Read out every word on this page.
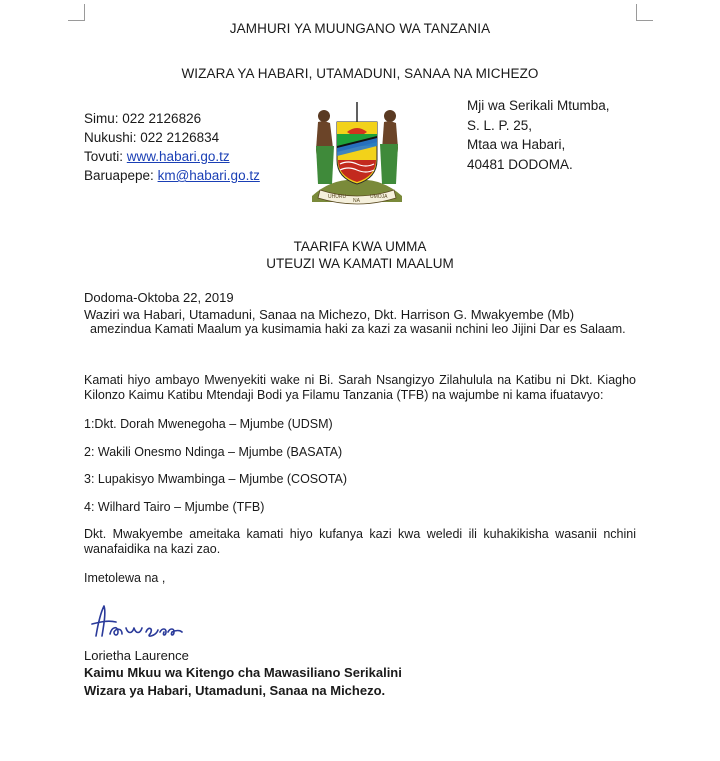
JAMHURI YA MUUNGANO WA TANZANIA
WIZARA YA HABARI, UTAMADUNI, SANAA NA MICHEZO
Simu: 022 2126826
Nukushi: 022 2126834
Tovuti: www.habari.go.tz
Baruapepe: km@habari.go.tz
UHURU
NA
UMOJA
Mji wa Serikali Mtumba,
S. L. P. 25,
Mtaa wa Habari,
40481 DODOMA.
TAARIFA KWA UMMA
UTEUZI WA KAMATI MAALUM
Dodoma-Oktoba 22, 2019
Waziri wa Habari, Utamaduni, Sanaa na Michezo, Dkt. Harrison G. Mwakyembe (Mb)
amezindua Kamati Maalum ya kusimamia haki za kazi za wasanii nchini leo Jijini Dar es Salaam.
Kamati hiyo ambayo Mwenyekiti wake ni Bi. Sarah Nsangizyo Zilahulula na Katibu ni Dkt. Kiagho Kilonzo Kaimu Katibu Mtendaji Bodi ya Filamu Tanzania (TFB) na wajumbe ni kama ifuatavyo:
1:Dkt. Dorah Mwenegoha – Mjumbe (UDSM)
2: Wakili Onesmo Ndinga – Mjumbe (BASATA)
3: Lupakisyo Mwambinga – Mjumbe (COSOTA)
4: Wilhard Tairo – Mjumbe (TFB)
Dkt. Mwakyembe ameitaka kamati hiyo kufanya kazi kwa weledi ili kuhakikisha wasanii nchini wanafaidika na kazi zao.
Imetolewa na ,
Lorietha Laurence
Kaimu Mkuu wa Kitengo cha Mawasiliano Serikalini
Wizara ya Habari, Utamaduni, Sanaa na Michezo.
